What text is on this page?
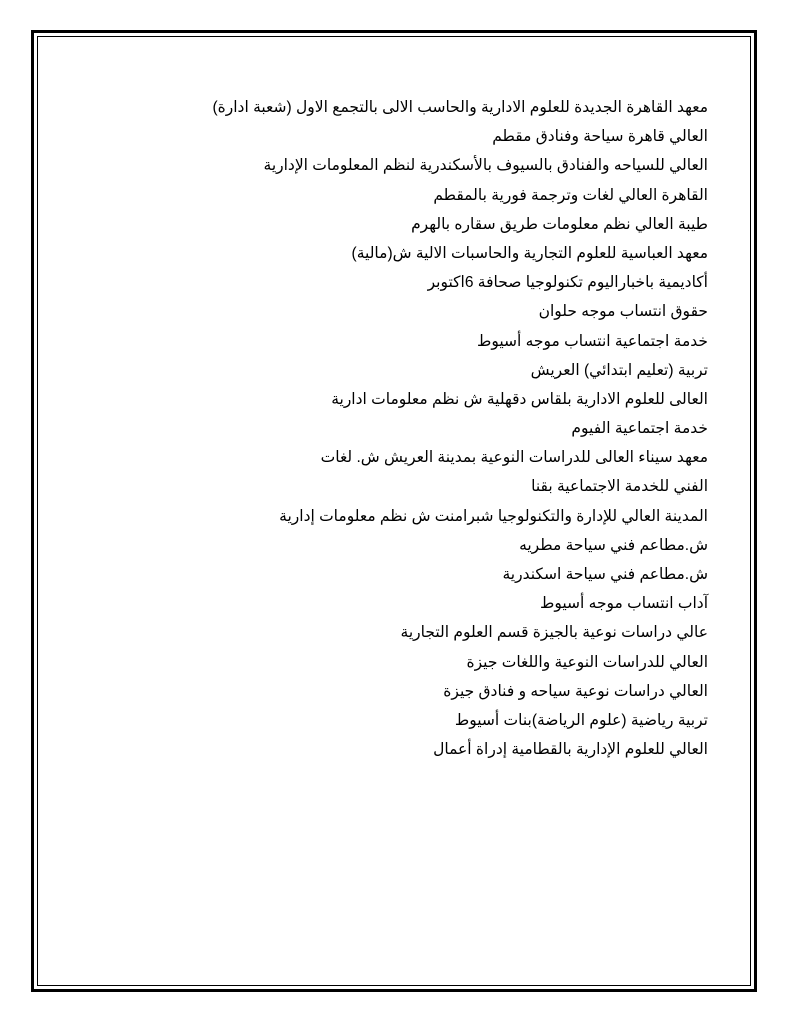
معهد القاهرة الجديدة للعلوم الادارية والحاسب الالى بالتجمع الاول (شعبة ادارة)
العالي قاهرة سياحة وفنادق مقطم
العالي للسياحه والفنادق بالسيوف بالأسكندرية لنظم المعلومات الإدارية
القاهرة العالي لغات وترجمة فورية بالمقطم
طيبة العالي نظم معلومات طريق سقاره بالهرم
معهد العباسية للعلوم التجارية والحاسبات الالية ش(مالية)
أكاديمية باخباراليوم تكنولوجيا صحافة 6اكتوبر
حقوق انتساب موجه حلوان
خدمة اجتماعية انتساب موجه أسيوط
تربية (تعليم ابتدائي) العريش
العالى للعلوم الادارية بلقاس دقهلية ش نظم معلومات ادارية
خدمة اجتماعية الفيوم
معهد سيناء العالى للدراسات النوعية بمدينة العريش ش. لغات
الفني للخدمة الاجتماعية بقنا
المدينة العالي للإدارة والتكنولوجيا شبرامنت ش نظم معلومات إدارية
ش.مطاعم فني سياحة مطريه
ش.مطاعم فني سياحة اسكندرية
آداب انتساب موجه أسيوط
عالي دراسات نوعية بالجيزة قسم العلوم التجارية
العالي للدراسات النوعية واللغات جيزة
العالي دراسات نوعية سياحه و فنادق جيزة
تربية رياضية (علوم الرياضة)بنات أسيوط
العالي للعلوم الإدارية بالقطامية إدراة أعمال
